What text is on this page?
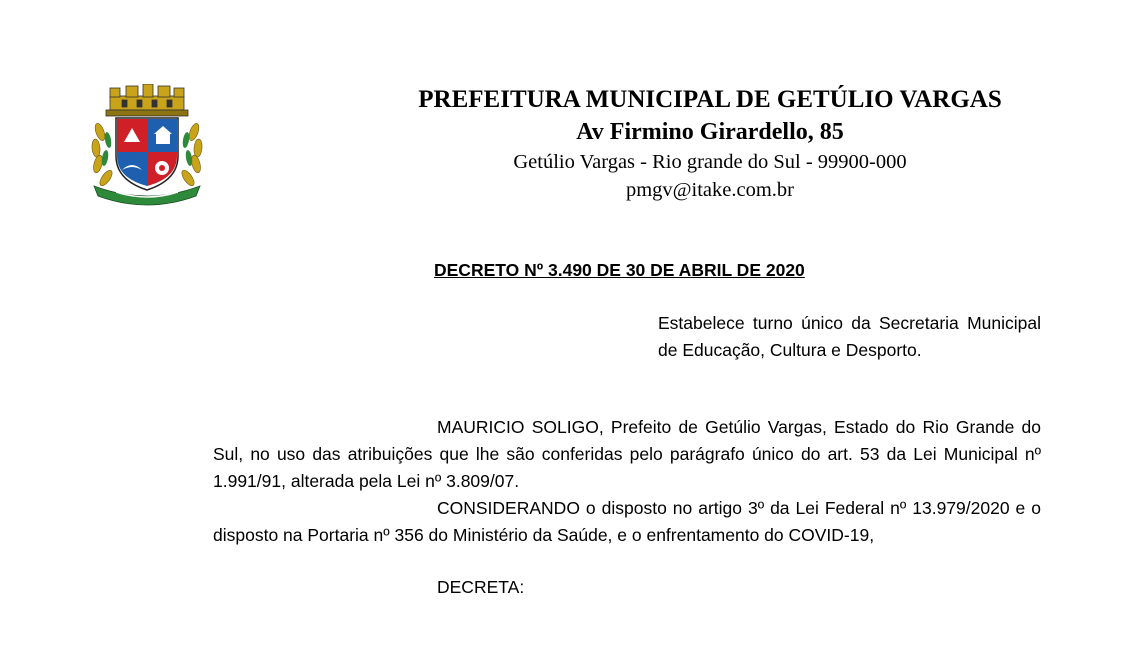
PREFEITURA MUNICIPAL DE GETÚLIO VARGAS

Av Firmino Girardello, 85

Getúlio Vargas - Rio grande do Sul - 99900-000

pmgv@itake.com.br

DECRETO Nº 3.490 DE 30 DE ABRIL DE 2020
Estabelece turno único da Secretaria Municipal de Educação, Cultura e Desporto.

MAURICIO SOLIGO, Prefeito de Getúlio Vargas, Estado do Rio Grande do Sul, no uso das atribuições que lhe são conferidas pelo parágrafo único do art. 53 da Lei Municipal nº 1.991/91, alterada pela Lei nº 3.809/07.

CONSIDERANDO o disposto no artigo 3º da Lei Federal nº 13.979/2020 e o disposto na Portaria nº 356 do Ministério da Saúde, e o enfrentamento do COVID-19,

DECRETA:
